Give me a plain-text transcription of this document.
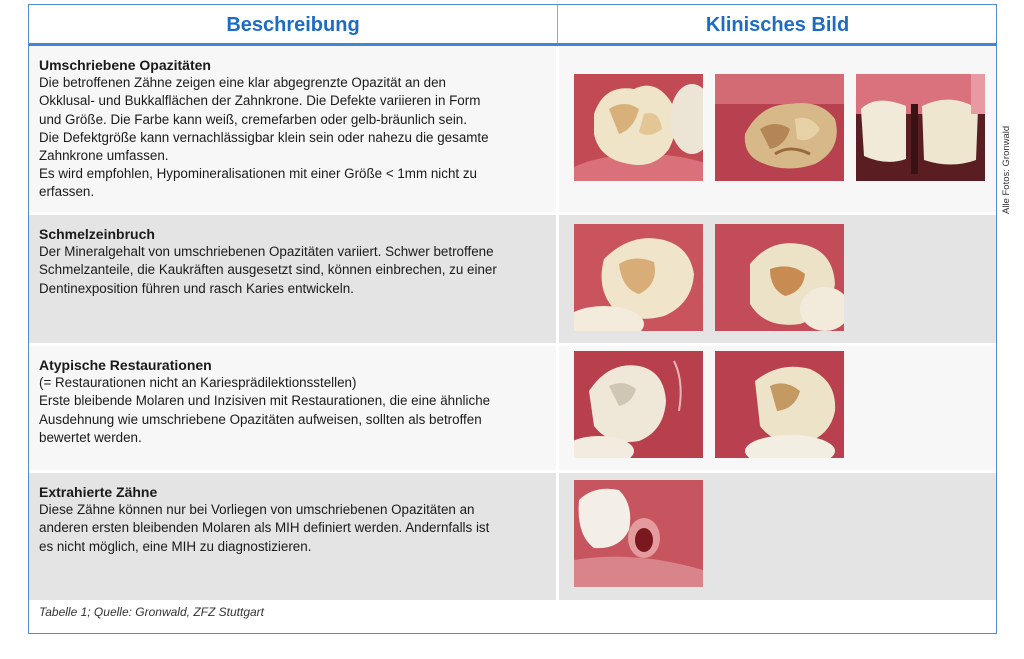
Beschreibung	Klinisches Bild
Umschriebene Opazitäten
Die betroffenen Zähne zeigen eine klar abgegrenzte Opazität an den
Okklusal- und Bukkalflächen der Zahnkrone. Die Defekte variieren in Form
und Größe. Die Farbe kann weiß, cremefarben oder gelb-bräunlich sein.
Die Defektgröße kann vernachlässigbar klein sein oder nahezu die gesamte
Zahnkrone umfassen.
Es wird empfohlen, Hypomineralisationen mit einer Größe < 1mm nicht zu
erfassen.
Schmelzeinbruch
Der Mineralgehalt von umschriebenen Opazitäten variiert. Schwer betroffene
Schmelzanteile, die Kaukräften ausgesetzt sind, können einbrechen, zu einer
Dentinexposition führen und rasch Karies entwickeln.
Atypische Restaurationen
(= Restaurationen nicht an Kariesprädilektionsstellen)
Erste bleibende Molaren und Inzisiven mit Restaurationen, die eine ähnliche
Ausdehnung wie umschriebene Opazitäten aufweisen, sollten als betroffen
bewertet werden.
Extrahierte Zähne
Diese Zähne können nur bei Vorliegen von umschriebenen Opazitäten an
anderen ersten bleibenden Molaren als MIH definiert werden. Andernfalls ist
es nicht möglich, eine MIH zu diagnostizieren.
Tabelle 1; Quelle: Gronwald, ZFZ Stuttgart
Alle Fotos: Gronwald
